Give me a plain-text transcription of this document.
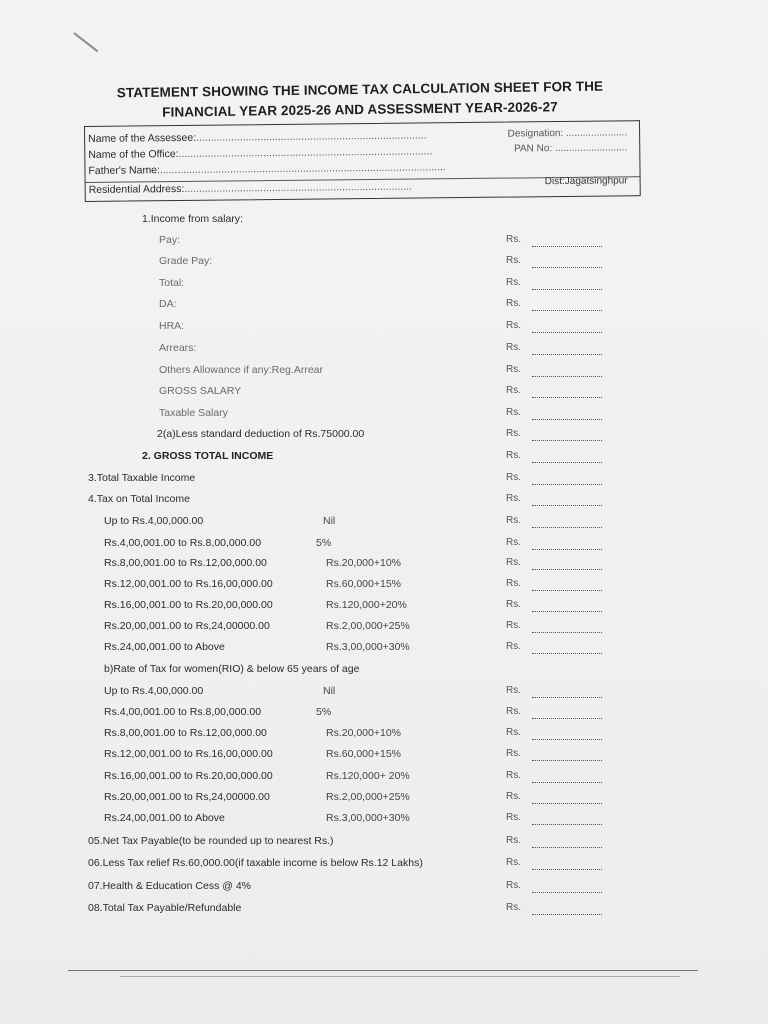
STATEMENT SHOWING THE INCOME TAX CALCULATION SHEET FOR THE
FINANCIAL YEAR 2025-26 AND ASSESSMENT YEAR-2026-27
Name of the Assessee:...............................................................................
Name of the Office:.......................................................................................
Father's Name:..................................................................................................
Residential Address:..............................................................................
Designation: ......................
PAN No: ..........................
Dist:Jagatsinghpur
1.Income from salary:
Pay:	Rs.
Grade Pay:	Rs.
Total:	Rs.
DA:	Rs.
HRA:	Rs.
Arrears:	Rs.
Others Allowance if any:Reg.Arrear	Rs.
GROSS SALARY	Rs.
Taxable Salary	Rs.
2(a)Less standard deduction of Rs.75000.00	Rs.
2. GROSS TOTAL INCOME	Rs.
3.Total Taxable Income	Rs.
4.Tax on Total Income	Rs.
Up to Rs.4,00,000.00	Nil	Rs.
Rs.4,00,001.00 to Rs.8,00,000.00	5%	Rs.
Rs.8,00,001.00 to Rs.12,00,000.00	Rs.20,000+10%	Rs.
Rs.12,00,001.00 to Rs.16,00,000.00	Rs.60,000+15%	Rs.
Rs.16,00,001.00 to Rs.20,00,000.00	Rs.120,000+20%	Rs.
Rs.20,00,001.00 to Rs,24,00000.00	Rs.2,00,000+25%	Rs.
Rs.24,00,001.00 to Above	Rs.3,00,000+30%	Rs.
b)Rate of Tax for women(RIO) & below 65 years of age
Up to Rs.4,00,000.00	Nil	Rs.
Rs.4,00,001.00 to Rs.8,00,000.00	5%	Rs.
Rs.8,00,001.00 to Rs.12,00,000.00	Rs.20,000+10%	Rs.
Rs.12,00,001.00 to Rs.16,00,000.00	Rs.60,000+15%	Rs.
Rs.16,00,001.00 to Rs.20,00,000.00	Rs.120,000+ 20%	Rs.
Rs.20,00,001.00 to Rs,24,00000.00	Rs.2,00,000+25%	Rs.
Rs.24,00,001.00 to Above	Rs.3,00,000+30%	Rs.
05.Net Tax Payable(to be rounded up to nearest Rs.)	Rs.
06.Less Tax relief Rs.60,000.00(if taxable income is below Rs.12 Lakhs)	Rs.
07.Health & Education Cess @ 4%	Rs.
08.Total Tax Payable/Refundable	Rs.
